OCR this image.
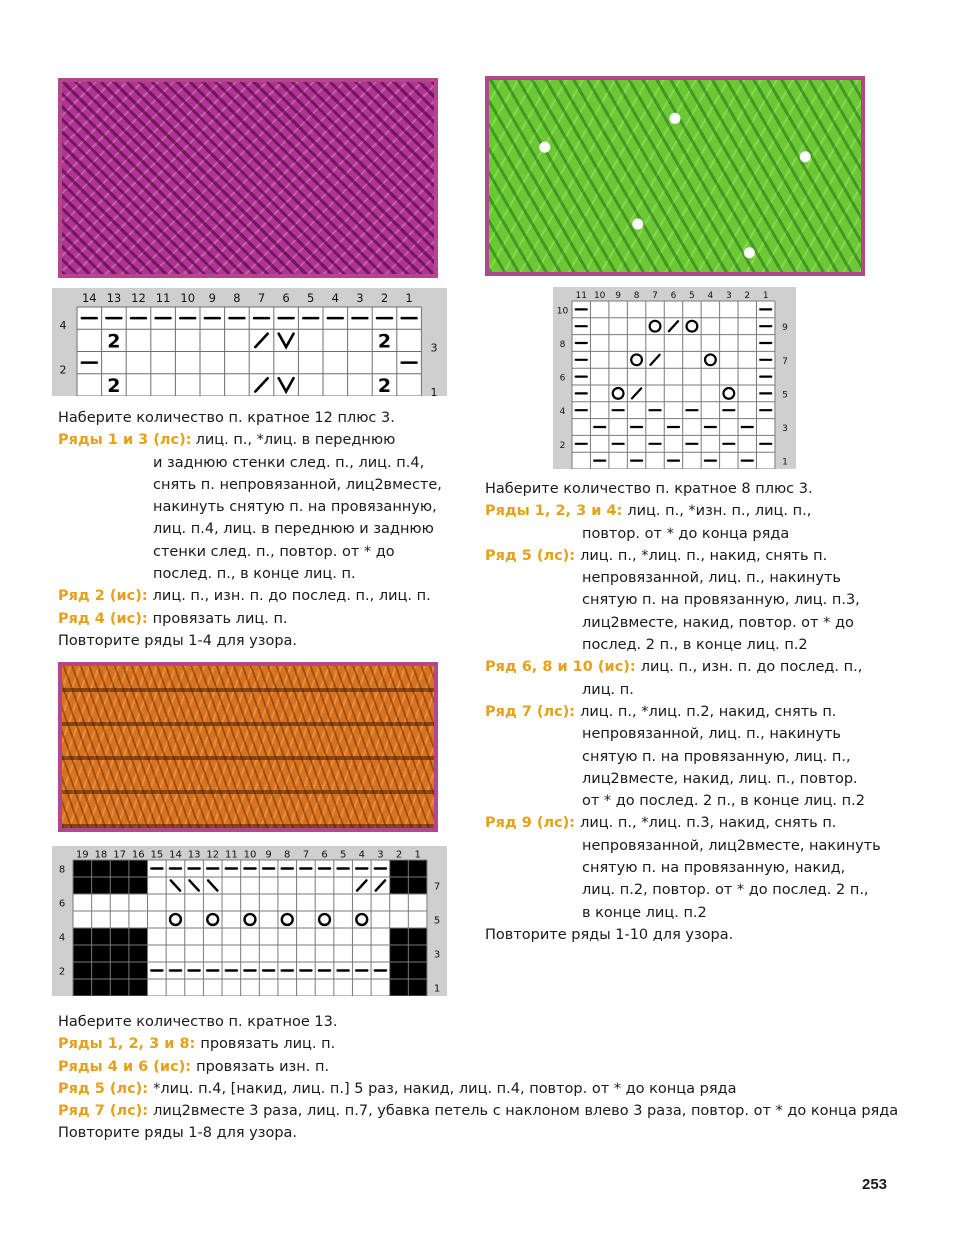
14 13 12 11 10 9 8 7 6 5 4 3 2 1
4
2
3
1
2	2
2	2
11 10 9 8 7 6 5 4 3 2 1
10
8
6
4
2
9
7
5
3
1
19 18 17 16 15 14 13 12 11 10 9 8 7 6 5 4 3 2 1
8
6
4
2
7
5
3
1
Наберите количество п. кратное 12 плюс 3.
Ряды 1 и 3 (лс): лиц. п., *лиц. в переднюю
и заднюю стенки след. п., лиц. п.4,
снять п. непровязанной, лиц2вместе,
накинуть снятую п. на провязанную,
лиц. п.4, лиц. в переднюю и заднюю
стенки след. п., повтор. от * до
послед. п., в конце лиц. п.
Ряд 2 (ис): лиц. п., изн. п. до послед. п., лиц. п.
Ряд 4 (ис): провязать лиц. п.
Повторите ряды 1-4 для узора.
Наберите количество п. кратное 8 плюс 3.
Ряды 1, 2, 3 и 4: лиц. п., *изн. п., лиц. п.,
повтор. от * до конца ряда
Ряд 5 (лс): лиц. п., *лиц. п., накид, снять п.
непровязанной, лиц. п., накинуть
снятую п. на провязанную, лиц. п.3,
лиц2вместе, накид, повтор. от * до
послед. 2 п., в конце лиц. п.2
Ряд 6, 8 и 10 (ис): лиц. п., изн. п. до послед. п.,
лиц. п.
Ряд 7 (лс): лиц. п., *лиц. п.2, накид, снять п.
непровязанной, лиц. п., накинуть
снятую п. на провязанную, лиц. п.,
лиц2вместе, накид, лиц. п., повтор.
от * до послед. 2 п., в конце лиц. п.2
Ряд 9 (лс): лиц. п., *лиц. п.3, накид, снять п.
непровязанной, лиц2вместе, накинуть
снятую п. на провязанную, накид,
лиц. п.2, повтор. от * до послед. 2 п.,
в конце лиц. п.2
Повторите ряды 1-10 для узора.
Наберите количество п. кратное 13.
Ряды 1, 2, 3 и 8: провязать лиц. п.
Ряды 4 и 6 (ис): провязать изн. п.
Ряд 5 (лс): *лиц. п.4, [накид, лиц. п.] 5 раз, накид, лиц. п.4, повтор. от * до конца ряда
Ряд 7 (лс): лиц2вместе 3 раза, лиц. п.7, убавка петель с наклоном влево 3 раза, повтор. от * до конца ряда
Повторите ряды 1-8 для узора.
253
